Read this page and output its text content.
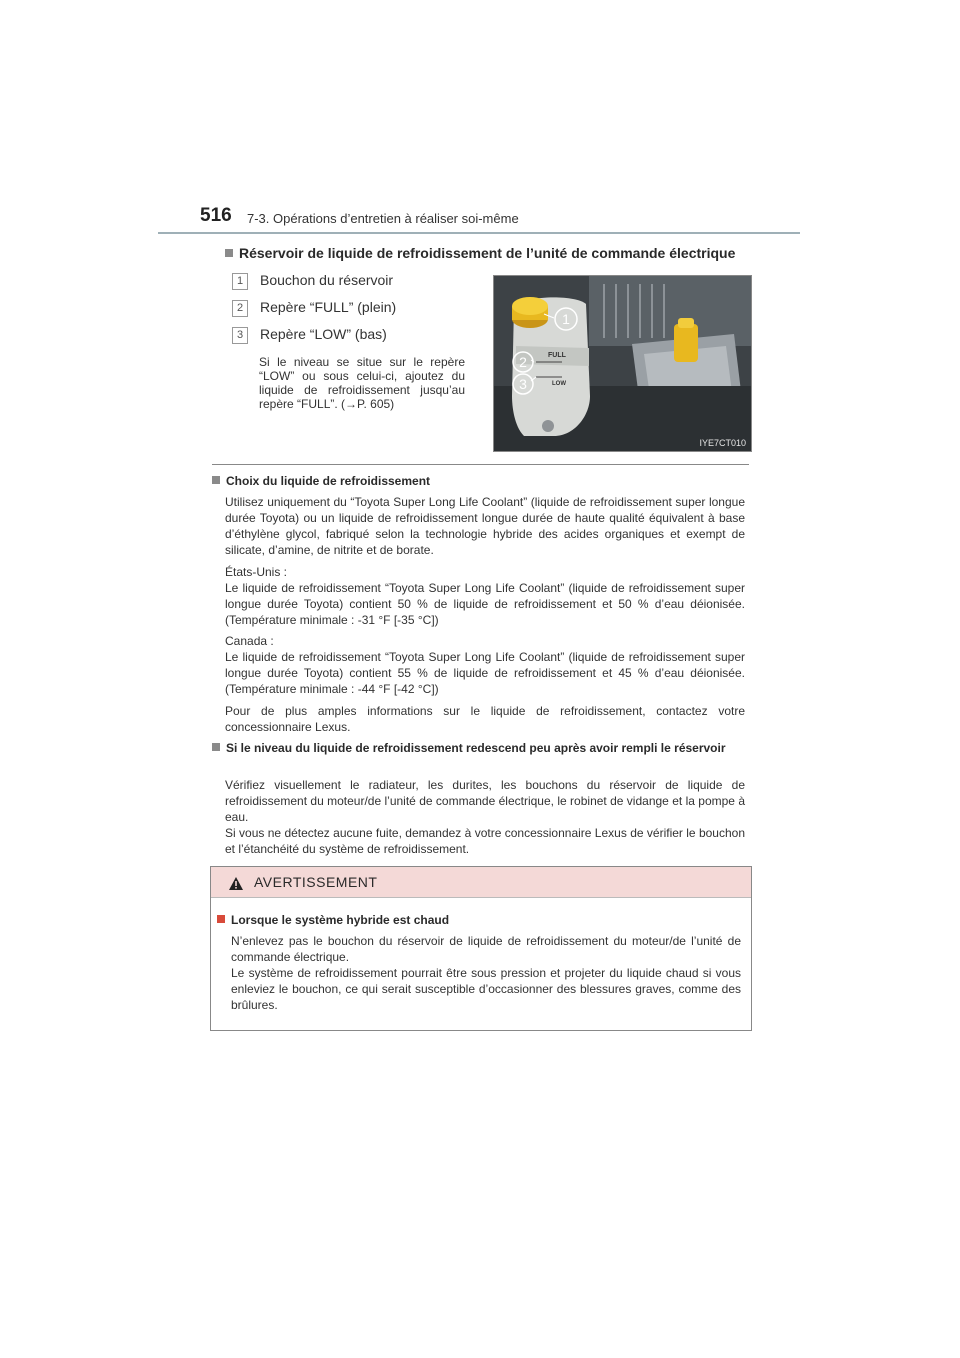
516 7-3. Opérations d’entretien à réaliser soi-même
Réservoir de liquide de refroidissement de l’unité de commande électrique
1 Bouchon du réservoir
2 Repère “FULL” (plein)
3 Repère “LOW” (bas)
Si le niveau se situe sur le repère “LOW” ou sous celui-ci, ajoutez du liquide de refroidissement jusqu’au repère “FULL”. (→P. 605)
FULL
LOW
1
2
3
IYE7CT010
Choix du liquide de refroidissement

Utilisez uniquement du “Toyota Super Long Life Coolant” (liquide de refroidissement super longue durée Toyota) ou un liquide de refroidissement longue durée de haute qualité équivalent à base d’éthylène glycol, fabriqué selon la technologie hybride des acides organiques et exempt de silicate, d’amine, de nitrite et de borate.

États-Unis :
Le liquide de refroidissement “Toyota Super Long Life Coolant” (liquide de refroidissement super longue durée Toyota) contient 50 % de liquide de refroidissement et 50 % d’eau déionisée. (Température minimale : -31 °F [-35 °C])
Canada :
Le liquide de refroidissement “Toyota Super Long Life Coolant” (liquide de refroidissement super longue durée Toyota) contient 55 % de liquide de refroidissement et 45 % d’eau déionisée. (Température minimale : -44 °F [-42 °C])

Pour de plus amples informations sur le liquide de refroidissement, contactez votre concessionnaire Lexus.

Si le niveau du liquide de refroidissement redescend peu après avoir rempli le réservoir
Vérifiez visuellement le radiateur, les durites, les bouchons du réservoir de liquide de refroidissement du moteur/de l’unité de commande électrique, le robinet de vidange et la pompe à eau.
Si vous ne détectez aucune fuite, demandez à votre concessionnaire Lexus de vérifier le bouchon et l’étanchéité du système de refroidissement.
AVERTISSEMENT
Lorsque le système hybride est chaud
N’enlevez pas le bouchon du réservoir de liquide de refroidissement du moteur/de l’unité de commande électrique.
Le système de refroidissement pourrait être sous pression et projeter du liquide chaud si vous enleviez le bouchon, ce qui serait susceptible d’occasionner des blessures graves, comme des brûlures.
